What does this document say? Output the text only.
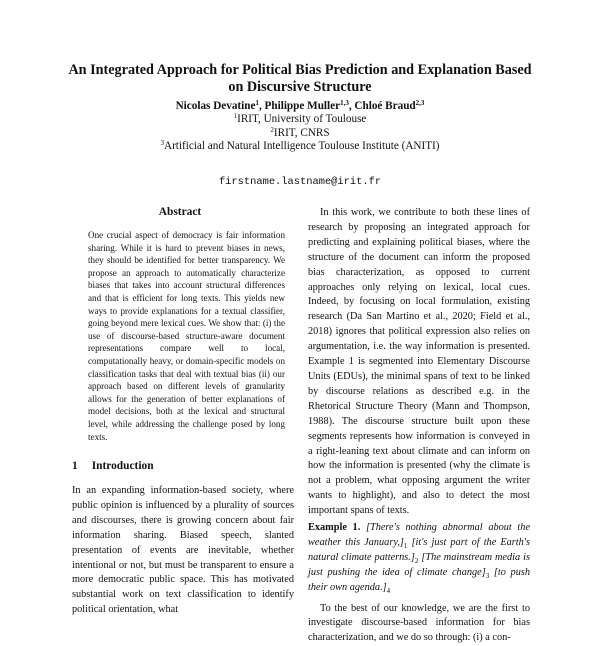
An Integrated Approach for Political Bias Prediction and Explanation Based on Discursive Structure
Nicolas Devatine$^1$, Philippe Muller$^{1,3}$, Chloé Braud$^{2,3}$
$^1$IRIT, University of Toulouse
$^2$IRIT, CNRS
$^3$Artificial and Natural Intelligence Toulouse Institute (ANITI)
firstname.lastname@irit.fr
Abstract
One crucial aspect of democracy is fair information sharing. While it is hard to prevent biases in news, they should be identified for better transparency. We propose an approach to automatically characterize biases that takes into account structural differences and that is efficient for long texts. This yields new ways to provide explanations for a textual classifier, going beyond mere lexical cues. We show that: (i) the use of discourse-based structure-aware document representations compare well to local, computationally heavy, or domain-specific models on classification tasks that deal with textual bias (ii) our approach based on different levels of granularity allows for the generation of better explanations of model decisions, both at the lexical and structural level, while addressing the challenge posed by long texts.
1 Introduction

In an expanding information-based society, where public opinion is influenced by a plurality of sources and discourses, there is growing concern about fair information sharing. Biased speech, slanted presentation of events are inevitable, whether intentional or not, but must be transparent to ensure a more democratic public space. This has motivated substantial work on text classification to identify political orientation, what

In this work, we contribute to both these lines of research by proposing an integrated approach for predicting and explaining political biases, where the structure of the document can inform the proposed bias characterization, as opposed to current approaches only relying on lexical, local cues. Indeed, by focusing on local formulation, existing research (Da San Martino et al., 2020; Field et al., 2018) ignores that political expression also relies on argumentation, i.e. the way information is presented. Example 1 is segmented into Elementary Discourse Units (EDUs), the minimal spans of text to be linked by discourse relations as described e.g. in the Rhetorical Structure Theory (Mann and Thompson, 1988). The discourse structure built upon these segments represents how information is conveyed in a right-leaning text about climate and can inform on how the information is presented (why the climate is not a problem, what opposing argument the writer wants to highlight), and also to detect the most important spans of texts.

Example 1. [There's nothing abnormal about the weather this $January,]_1$ [it's just part of the Earth's natural climate $patterns.]_2$ [The mainstream media is just pushing the idea of climate $change]_3$ [to push their own $agenda.]_4$

To the best of our knowledge, we are the first to investigate discourse-based information for bias characterization, and we do so through: (i) a con-
